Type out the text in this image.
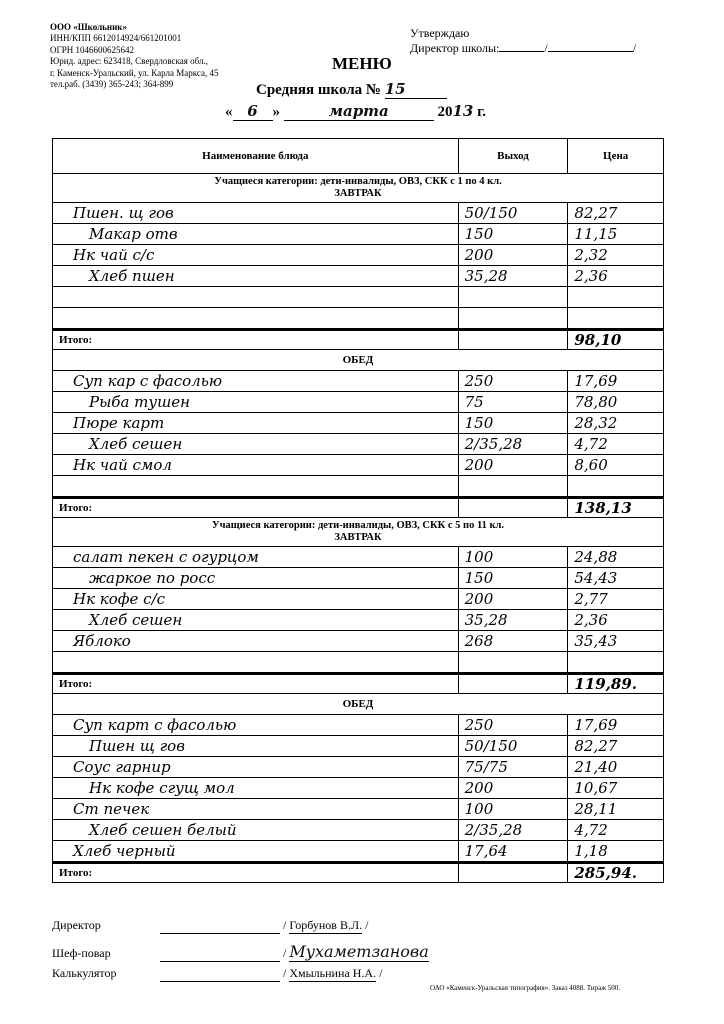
ООО «Школьник»
ИНН/КПП 6612014924/661201001
ОГРН 1046600625642
Юрид. адрес: 623418, Свердловская обл.,
г. Каменск-Уральский, ул. Карла Маркса, 45
тел.раб. (3439) 365-243; 364-899
Утверждаю
Директор школы:	/	/
МЕНЮ
Средняя школа № 15
« 6 »	марта	2013 г.
Наименование блюда	Выход	Цена

Учащиеся категории: дети-инвалиды, ОВЗ, СКК с 1 по 4 кл.
ЗАВТРАК		

Пшен. щ гов	50/150	82,27
Макар отв	150	11,15
Нк чай с/с	200	2,32
Хлеб пшен	35,28	2,36

Итого:		98,10

ОБЕД		

Суп кар с фасолью	250	17,69
Рыба тушен	75	78,80
Пюре карт	150	28,32
Хлеб сешен	2/35,28	4,72
Нк чай смол	200	8,60

Итого:		138,13

Учащиеся категории: дети-инвалиды, ОВЗ, СКК с 5 по 11 кл.
ЗАВТРАК		

салат пекен с огурцом	100	24,88
жаркое по росс	150	54,43
Нк кофе с/с	200	2,77
Хлеб сешен	35,28	2,36
Яблоко	268	35,43

Итого:		119,89.

ОБЕД		

Суп карт с фасолью	250	17,69
Пшен щ гов	50/150	82,27
Соус гарнир	75/75	21,40
Нк кофе сгущ мол	200	10,67
Ст печек	100	28,11
Хлеб сешен белый	2/35,28	4,72
Хлеб черный	17,64	1,18
Итого:		285,94.
Директор	/ Горбунов В.Л. /
Шеф-повар	/ Мухаметзанова
Калькулятор	/ Хмыльнина Н.А. /
ОАО «Каменск-Уральская типография». Заказ 4088. Тираж 500.
